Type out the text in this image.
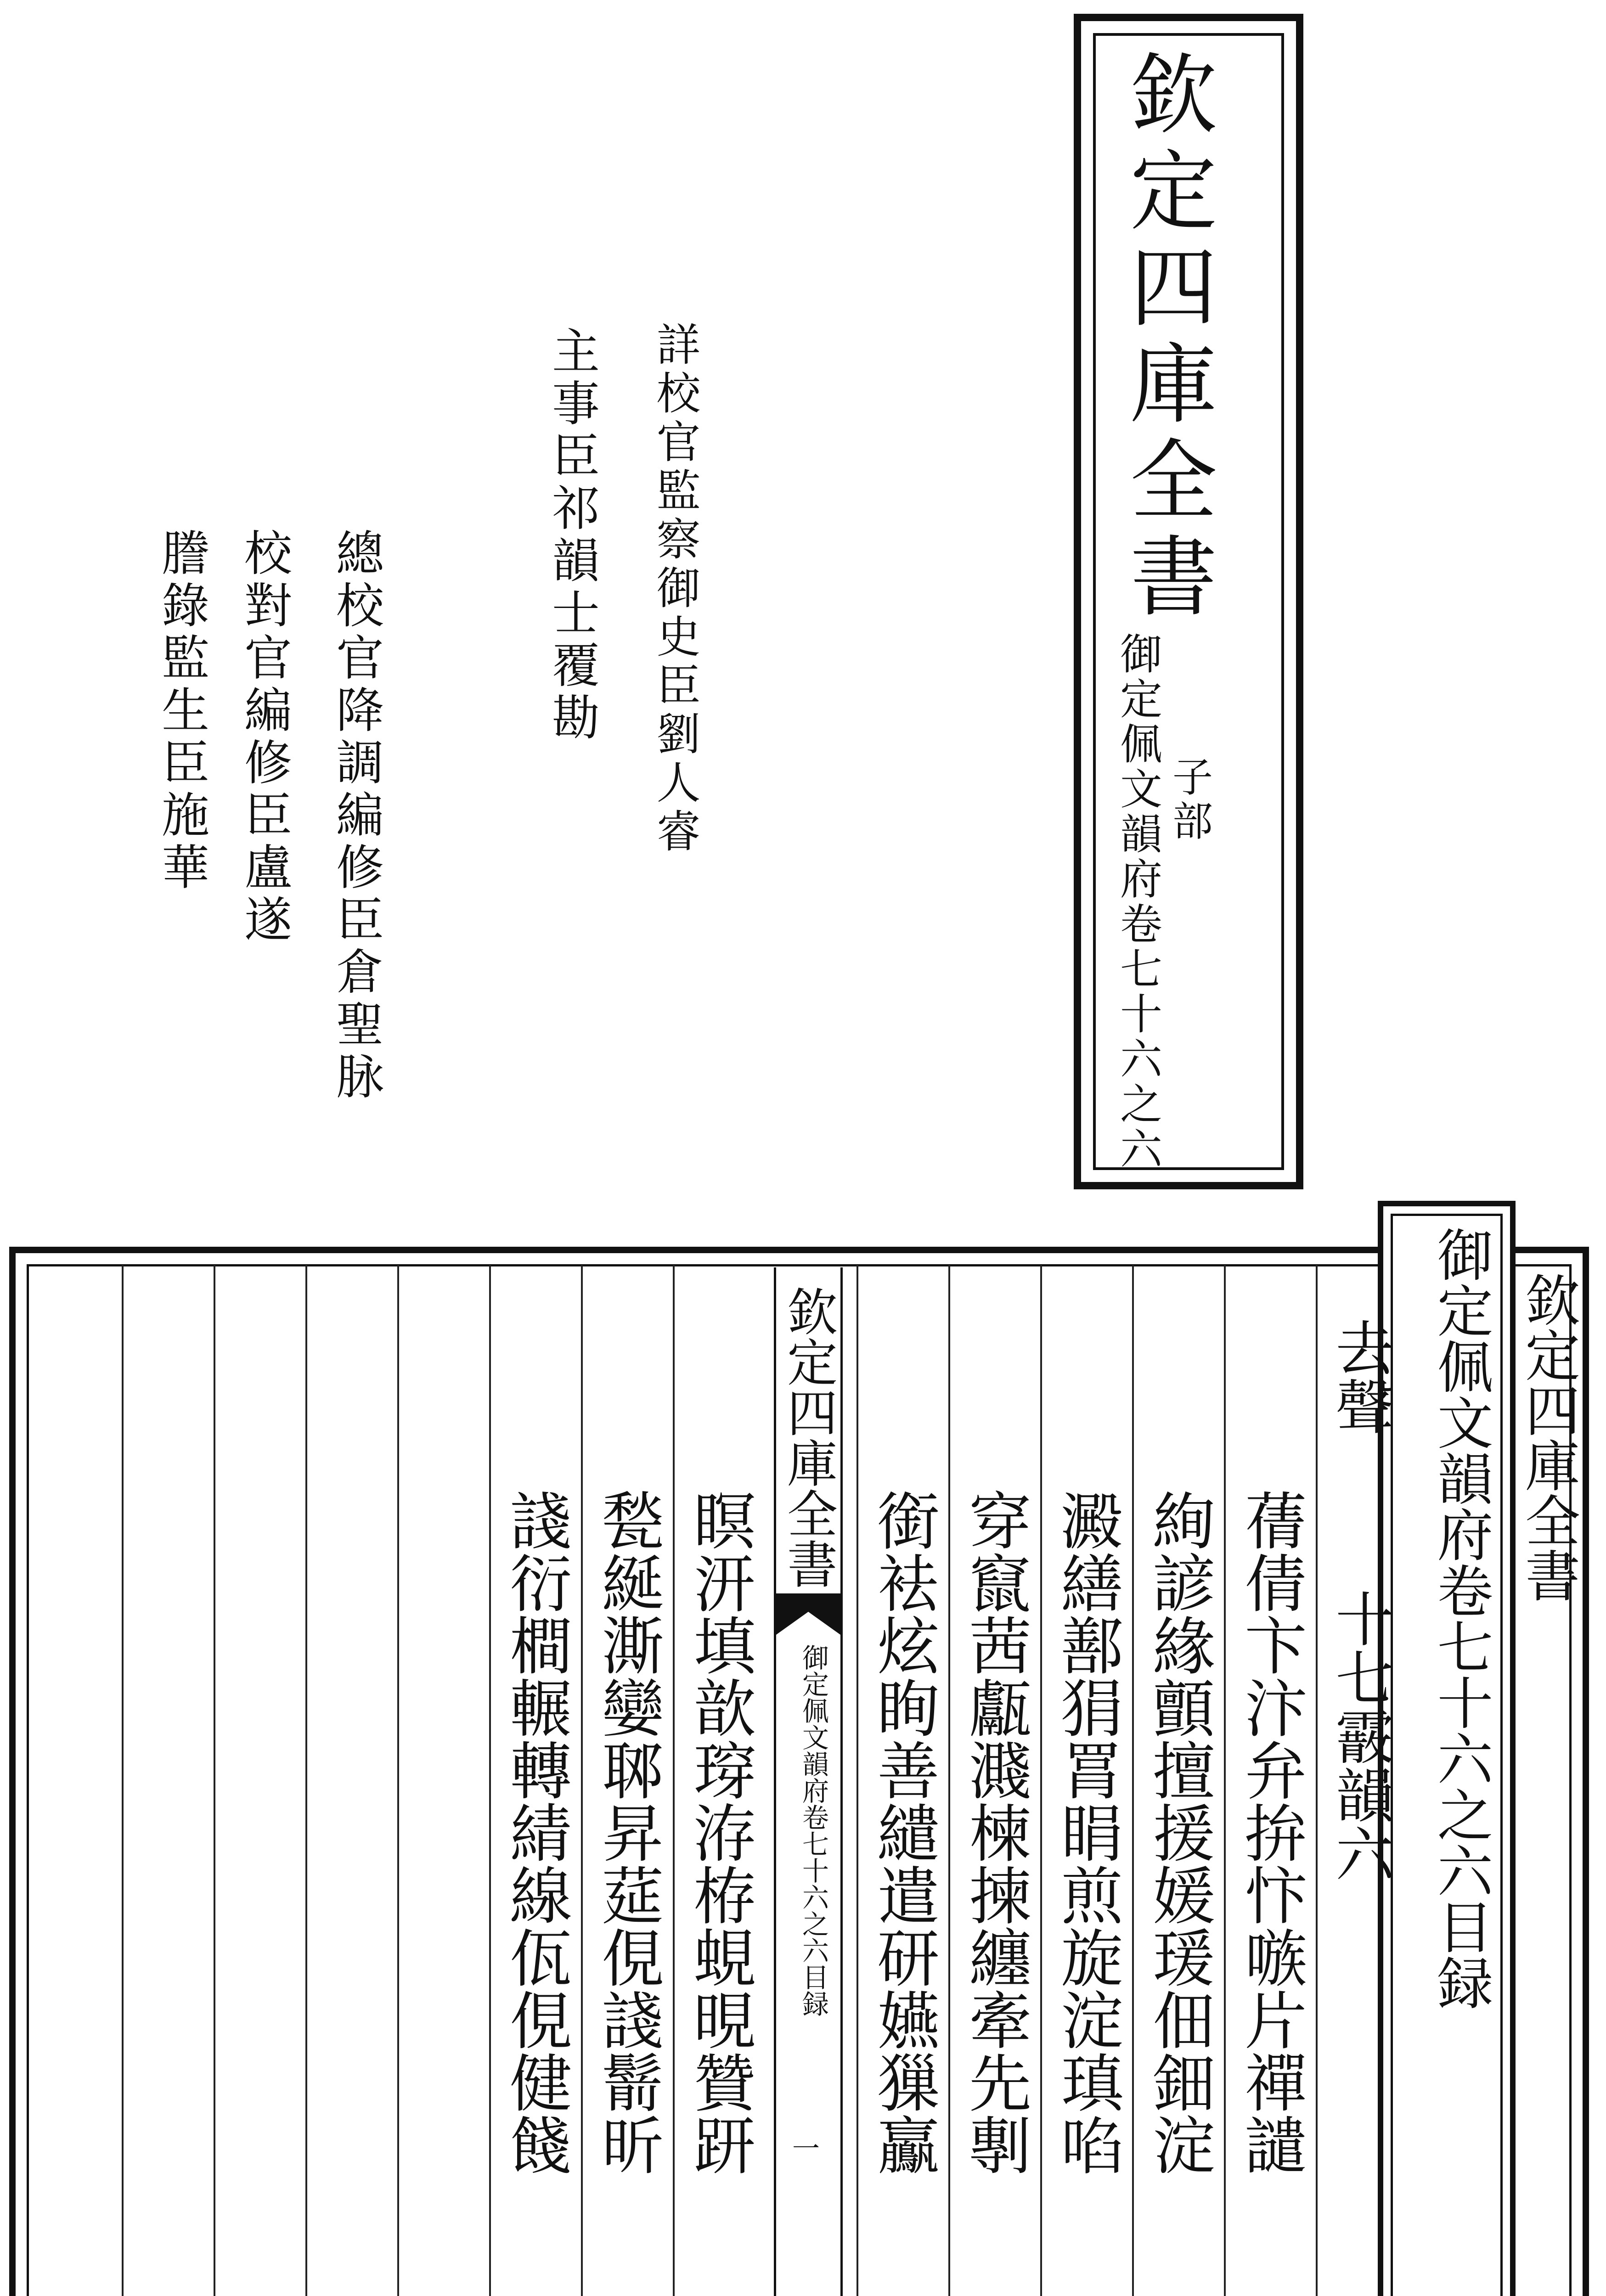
欽定四庫全書
御定佩文韻府卷七十六之六 子部
詳校官監察御史臣劉人睿
主事臣祁韻士覆勘
總校官降調編修臣倉聖脉
校對官編修臣盧遂
謄錄監生臣施華
御定佩文韻府卷七十六之六目録 欽定四庫全書
去聲
十七霰韻六
蒨倩卞汴弁拚忭嗾片禪譴
絢諺緣顫擅援媛瑗佃鈿淀
澱繕鄯狷罥睊煎旋淀瑱啗
穿竄茜甗濺楝揀纏牽先剸
銜袪炫眴善繾遣研嬿㺐鸁
瞑汧填歆瑏洊栫蜆晛贊趼
甃綖澌孌郰昇莚俔諓鬋昕
諓衍橺輾轉綪線佤俔健餞
欽定四庫全書
御定佩文韻府卷七十六之六目録
一
